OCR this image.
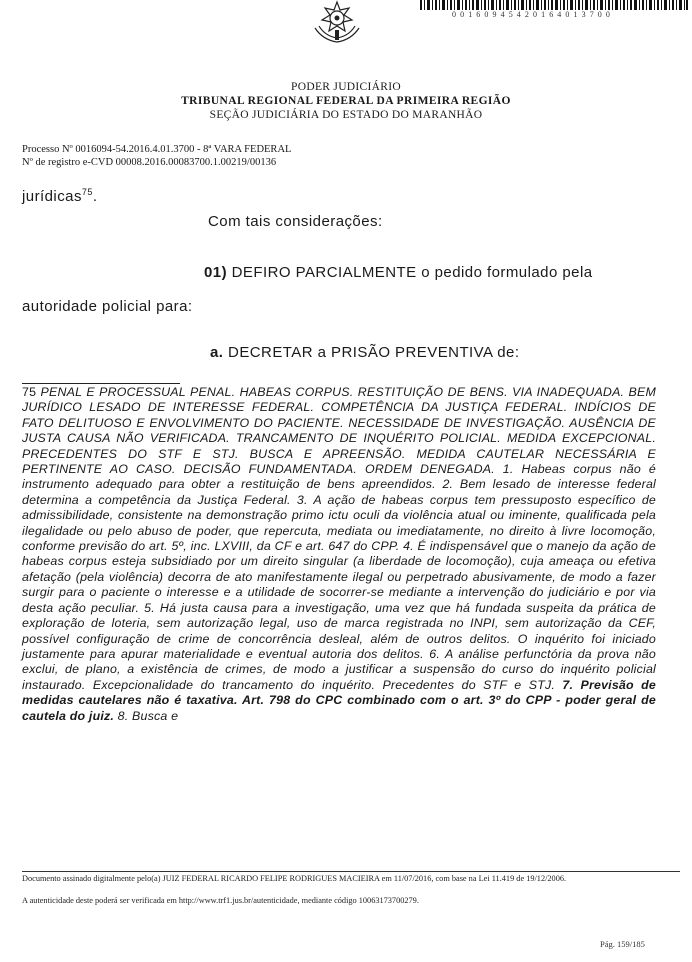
00160945420164013700
PODER JUDICIÁRIO
TRIBUNAL REGIONAL FEDERAL DA PRIMEIRA REGIÃO
SEÇÃO JUDICIÁRIA DO ESTADO DO MARANHÃO
Processo Nº 0016094-54.2016.4.01.3700 - 8ª VARA FEDERAL
Nº de registro e-CVD 00008.2016.00083700.1.00219/00136
jurídicas$^{75}$.
Com tais considerações:
01) DEFIRO PARCIALMENTE o pedido formulado pela
autoridade policial para:
a. DECRETAR a PRISÃO PREVENTIVA de:
75 PENAL E PROCESSUAL PENAL. HABEAS CORPUS. RESTITUIÇÃO DE BENS. VIA INADEQUADA. BEM JURÍDICO LESADO DE INTERESSE FEDERAL. COMPETÊNCIA DA JUSTIÇA FEDERAL. INDÍCIOS DE FATO DELITUOSO E ENVOLVIMENTO DO PACIENTE. NECESSIDADE DE INVESTIGAÇÃO. AUSÊNCIA DE JUSTA CAUSA NÃO VERIFICADA. TRANCAMENTO DE INQUÉRITO POLICIAL. MEDIDA EXCEPCIONAL. PRECEDENTES DO STF E STJ. BUSCA E APREENSÃO. MEDIDA CAUTELAR NECESSÁRIA E PERTINENTE AO CASO. DECISÃO FUNDAMENTADA. ORDEM DENEGADA. 1. Habeas corpus não é instrumento adequado para obter a restituição de bens apreendidos. 2. Bem lesado de interesse federal determina a competência da Justiça Federal. 3. A ação de habeas corpus tem pressuposto específico de admissibilidade, consistente na demonstração primo ictu oculi da violência atual ou iminente, qualificada pela ilegalidade ou pelo abuso de poder, que repercuta, mediata ou imediatamente, no direito à livre locomoção, conforme previsão do art. 5º, inc. LXVIII, da CF e art. 647 do CPP. 4. É indispensável que o manejo da ação de habeas corpus esteja subsidiado por um direito singular (a liberdade de locomoção), cuja ameaça ou efetiva afetação (pela violência) decorra de ato manifestamente ilegal ou perpetrado abusivamente, de modo a fazer surgir para o paciente o interesse e a utilidade de socorrer-se mediante a intervenção do judiciário e por via desta ação peculiar. 5. Há justa causa para a investigação, uma vez que há fundada suspeita da prática de exploração de loteria, sem autorização legal, uso de marca registrada no INPI, sem autorização da CEF, possível configuração de crime de concorrência desleal, além de outros delitos. O inquérito foi iniciado justamente para apurar materialidade e eventual autoria dos delitos. 6. A análise perfunctória da prova não exclui, de plano, a existência de crimes, de modo a justificar a suspensão do curso do inquérito policial instaurado. Excepcionalidade do trancamento do inquérito. Precedentes do STF e STJ. 7. Previsão de medidas cautelares não é taxativa. Art. 798 do CPC combinado com o art. 3º do CPP - poder geral de cautela do juiz. 8. Busca e
Documento assinado digitalmente pelo(a) JUIZ FEDERAL RICARDO FELIPE RODRIGUES MACIEIRA em 11/07/2016, com base na Lei 11.419 de 19/12/2006.
A autenticidade deste poderá ser verificada em http://www.trf1.jus.br/autenticidade, mediante código 10063173700279.
Pág. 159/185
